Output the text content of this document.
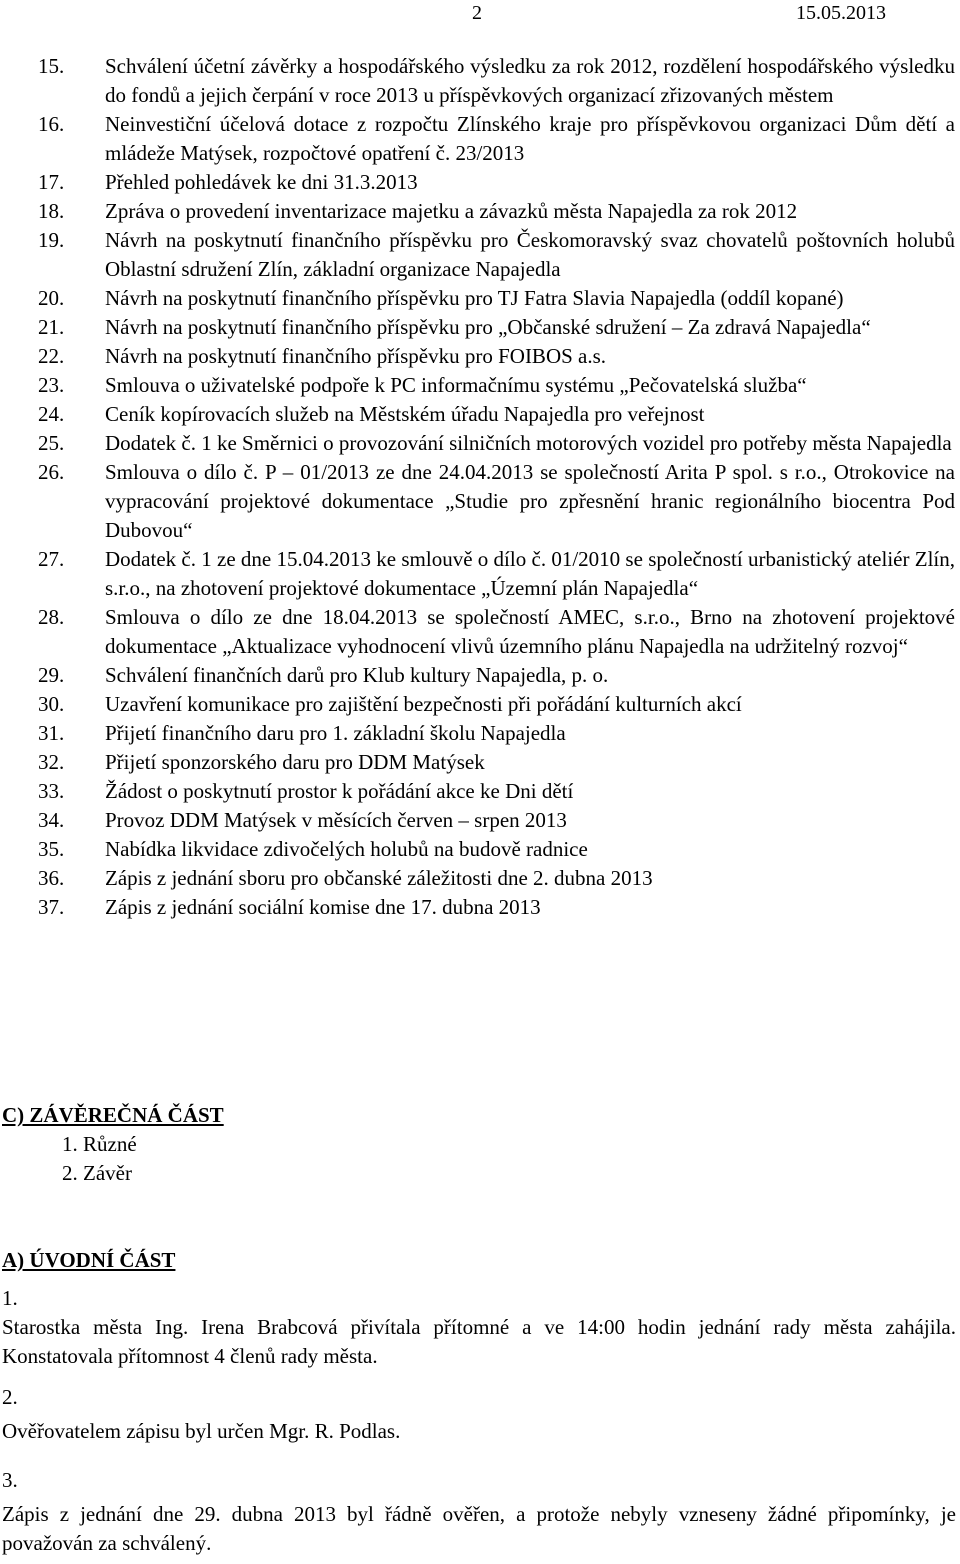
2	15.05.2013
15.	Schválení účetní závěrky a hospodářského výsledku za rok 2012, rozdělení hospodářského výsledku do fondů a jejich čerpání v roce 2013 u příspěvkových organizací zřizovaných městem
16.	Neinvestiční účelová dotace z rozpočtu Zlínského kraje pro příspěvkovou organizaci Dům dětí a mládeže Matýsek, rozpočtové opatření č. 23/2013
17.	Přehled pohledávek ke dni 31.3.2013
18.	Zpráva o provedení inventarizace majetku a závazků města Napajedla za rok 2012
19.	Návrh na poskytnutí finančního příspěvku pro Českomoravský svaz chovatelů poštovních holubů Oblastní sdružení Zlín, základní organizace Napajedla
20.	Návrh na poskytnutí finančního příspěvku pro TJ Fatra Slavia Napajedla (oddíl kopané)
21.	Návrh na poskytnutí finančního příspěvku pro „Občanské sdružení – Za zdravá Napajedla“
22.	Návrh na poskytnutí finančního příspěvku pro FOIBOS a.s.
23.	Smlouva o uživatelské podpoře k PC informačnímu systému „Pečovatelská služba“
24.	Ceník kopírovacích služeb na Městském úřadu Napajedla pro veřejnost
25.	Dodatek č. 1 ke Směrnici o provozování silničních motorových vozidel pro potřeby města Napajedla
26.	Smlouva o dílo č. P – 01/2013 ze dne 24.04.2013 se společností Arita P spol. s r.o., Otrokovice na vypracování projektové dokumentace „Studie pro zpřesnění hranic regionálního biocentra Pod Dubovou“
27.	Dodatek č. 1 ze dne 15.04.2013 ke smlouvě o dílo č. 01/2010 se společností urbanistický ateliér Zlín, s.r.o., na zhotovení projektové dokumentace „Územní plán Napajedla“
28.	Smlouva o dílo ze dne 18.04.2013 se společností AMEC, s.r.o., Brno na zhotovení projektové dokumentace „Aktualizace vyhodnocení vlivů územního plánu Napajedla na udržitelný rozvoj“
29.	Schválení finančních darů pro Klub kultury Napajedla, p. o.
30.	Uzavření komunikace pro zajištění bezpečnosti při pořádání kulturních akcí
31.	Přijetí finančního daru pro 1. základní školu Napajedla
32.	Přijetí sponzorského daru pro DDM Matýsek
33.	Žádost o poskytnutí prostor k pořádání akce ke Dni dětí
34.	Provoz DDM Matýsek v měsících červen – srpen 2013
35.	Nabídka likvidace zdivočelých holubů na budově radnice
36.	Zápis z jednání sboru pro občanské záležitosti dne 2. dubna 2013
37.	Zápis z jednání sociální komise dne 17. dubna 2013
C) ZÁVĚREČNÁ ČÁST
1. Různé
2. Závěr
A) ÚVODNÍ ČÁST
1.
Starostka města Ing. Irena Brabcová přivítala přítomné a ve 14:00 hodin jednání rady města zahájila. Konstatovala přítomnost 4 členů rady města.
2.
Ověřovatelem zápisu byl určen Mgr. R. Podlas.
3.
Zápis z jednání dne 29. dubna 2013 byl řádně ověřen, a protože nebyly vzneseny žádné připomínky, je považován za schválený.
